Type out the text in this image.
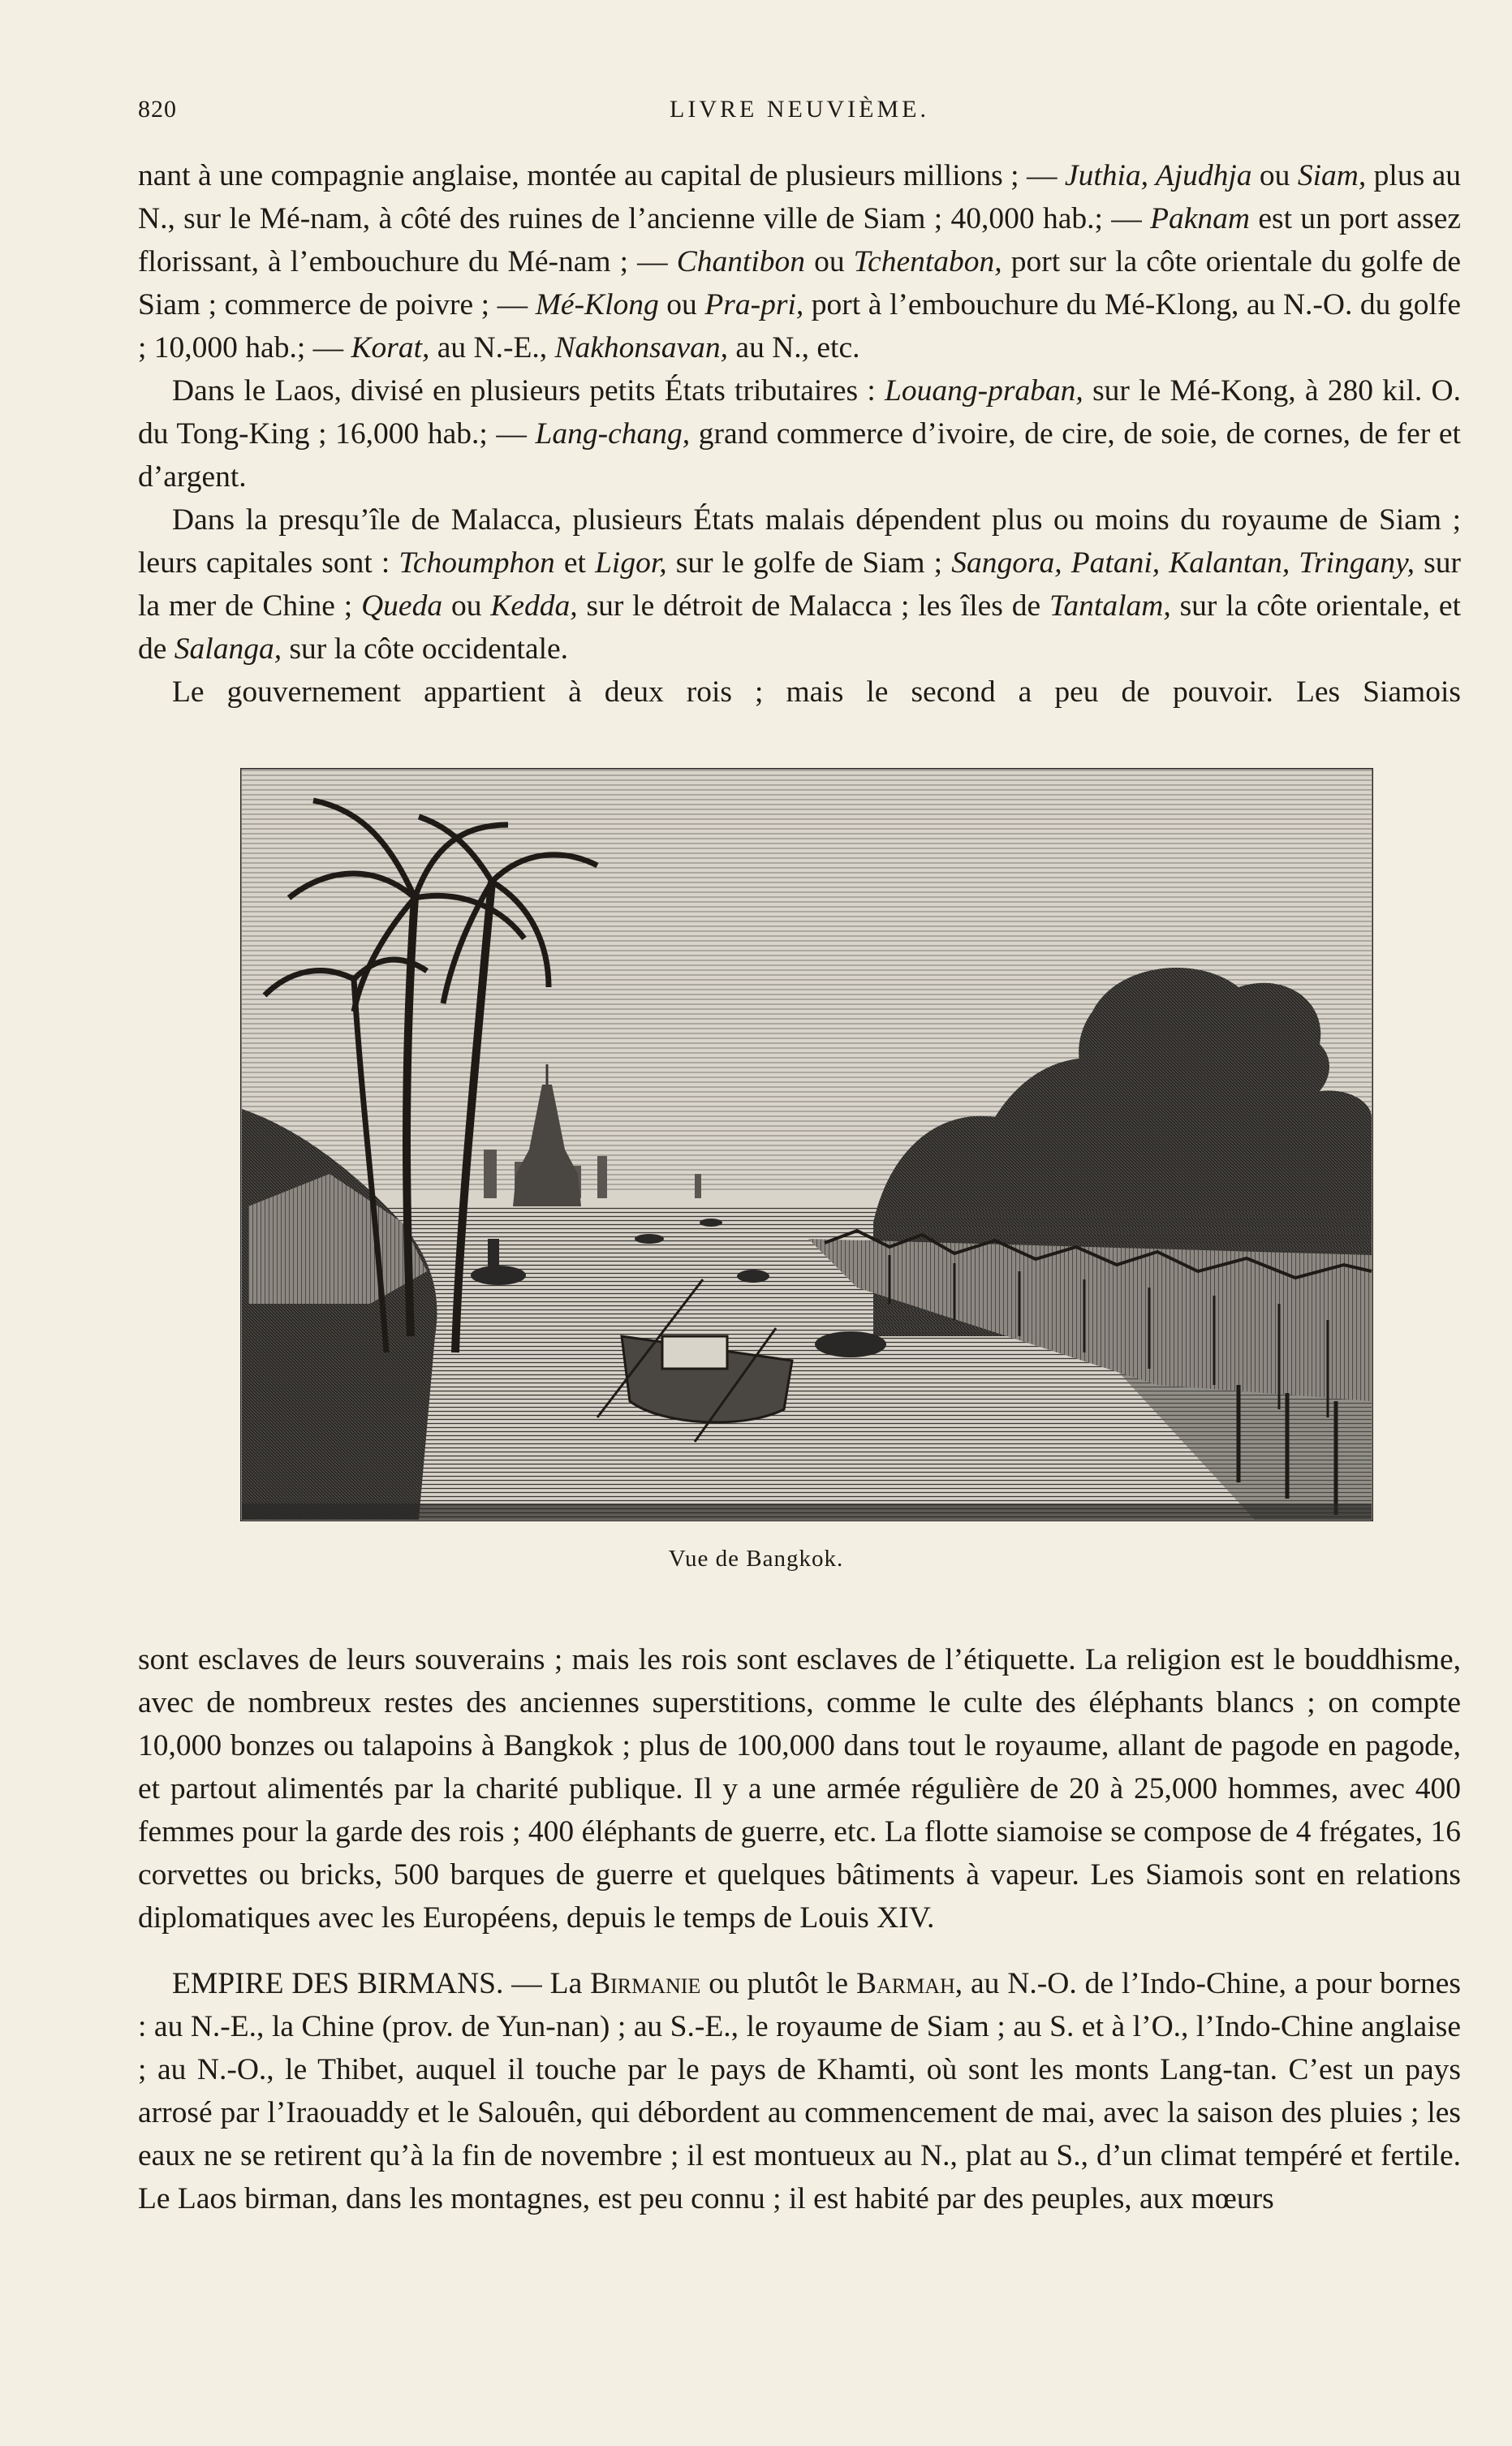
820	LIVRE NEUVIÈME.

nant à une compagnie anglaise, montée au capital de plusieurs millions ; — Juthia, Ajudhja ou Siam, plus au N., sur le Mé-nam, à côté des ruines de l’ancienne ville de Siam ; 40,000 hab.; — Paknam est un port assez florissant, à l’embouchure du Mé-nam ; — Chantibon ou Tchentabon, port sur la côte orientale du golfe de Siam ; commerce de poivre ; — Mé-Klong ou Pra-pri, port à l’embouchure du Mé-Klong, au N.-O. du golfe ; 10,000 hab.; — Korat, au N.-E., Nakhonsavan, au N., etc.

Dans le Laos, divisé en plusieurs petits États tributaires : Louang-praban, sur le Mé-Kong, à 280 kil. O. du Tong-King ; 16,000 hab.; — Lang-chang, grand commerce d’ivoire, de cire, de soie, de cornes, de fer et d’argent.

Dans la presqu’île de Malacca, plusieurs États malais dépendent plus ou moins du royaume de Siam ; leurs capitales sont : Tchoumphon et Ligor, sur le golfe de Siam ; Sangora, Patani, Kalantan, Tringany, sur la mer de Chine ; Queda ou Kedda, sur le détroit de Malacca ; les îles de Tantalam, sur la côte orientale, et de Salanga, sur la côte occidentale.

Le gouvernement appartient à deux rois ; mais le second a peu de pouvoir. Les Siamois

Vue de Bangkok.

sont esclaves de leurs souverains ; mais les rois sont esclaves de l’étiquette. La religion est le bouddhisme, avec de nombreux restes des anciennes superstitions, comme le culte des éléphants blancs ; on compte 10,000 bonzes ou talapoins à Bangkok ; plus de 100,000 dans tout le royaume, allant de pagode en pagode, et partout alimentés par la charité publique. Il y a une armée régulière de 20 à 25,000 hommes, avec 400 femmes pour la garde des rois ; 400 éléphants de guerre, etc. La flotte siamoise se compose de 4 frégates, 16 corvettes ou bricks, 500 barques de guerre et quelques bâtiments à vapeur. Les Siamois sont en relations diplomatiques avec les Européens, depuis le temps de Louis XIV.

EMPIRE DES BIRMANS. — La Birmanie ou plutôt le Barmah, au N.-O. de l’Indo-Chine, a pour bornes : au N.-E., la Chine (prov. de Yun-nan) ; au S.-E., le royaume de Siam ; au S. et à l’O., l’Indo-Chine anglaise ; au N.-O., le Thibet, auquel il touche par le pays de Khamti, où sont les monts Lang-tan. C’est un pays arrosé par l’Iraouaddy et le Salouên, qui débordent au commencement de mai, avec la saison des pluies ; les eaux ne se retirent qu’à la fin de novembre ; il est montueux au N., plat au S., d’un climat tempéré et fertile. Le Laos birman, dans les montagnes, est peu connu ; il est habité par des peuples, aux mœurs
